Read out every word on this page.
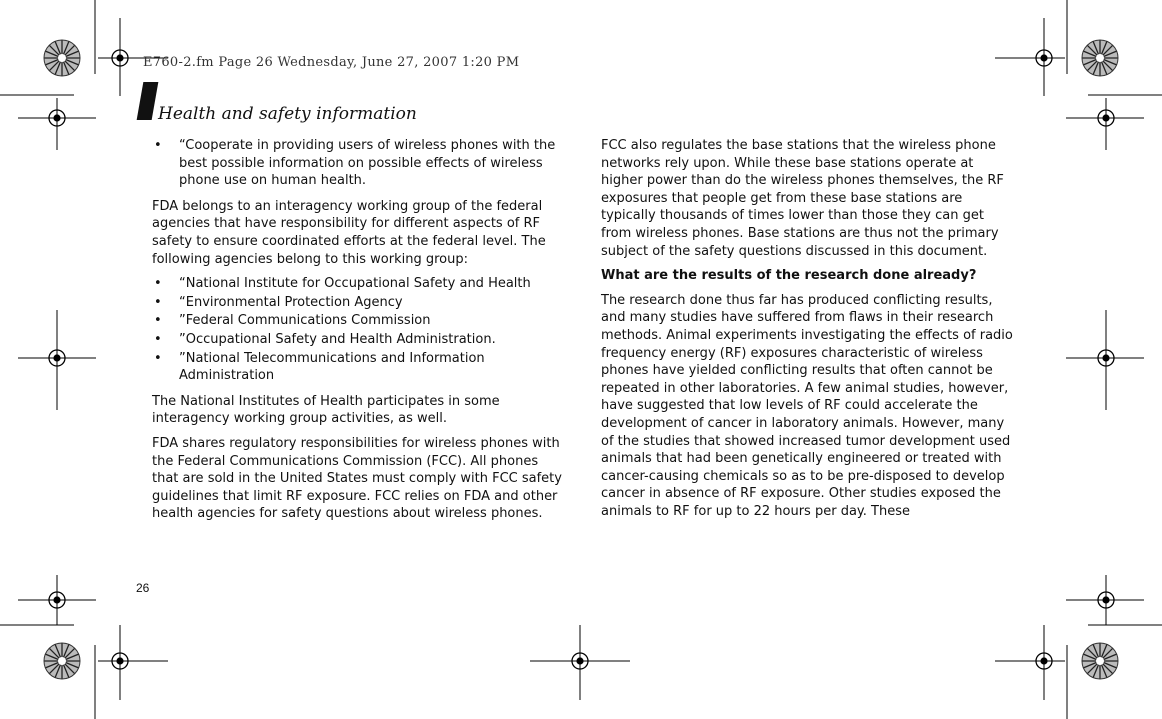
E760-2.fm Page 26 Wednesday, June 27, 2007 1:20 PM
Health and safety information
• “Cooperate in providing users of wireless phones with the best possible information on possible effects of wireless phone use on human health.

FDA belongs to an interagency working group of the federal agencies that have responsibility for different aspects of RF safety to ensure coordinated efforts at the federal level. The following agencies belong to this working group:

• “National Institute for Occupational Safety and Health
• “Environmental Protection Agency
• ”Federal Communications Commission
• ”Occupational Safety and Health Administration.
• ”National Telecommunications and Information Administration

The National Institutes of Health participates in some interagency working group activities, as well.

FDA shares regulatory responsibilities for wireless phones with the Federal Communications Commission (FCC). All phones that are sold in the United States must comply with FCC safety guidelines that limit RF exposure. FCC relies on FDA and other health agencies for safety questions about wireless phones.

FCC also regulates the base stations that the wireless phone networks rely upon. While these base stations operate at higher power than do the wireless phones themselves, the RF exposures that people get from these base stations are typically thousands of times lower than those they can get from wireless phones. Base stations are thus not the primary subject of the safety questions discussed in this document.

What are the results of the research done already?

The research done thus far has produced conflicting results, and many studies have suffered from flaws in their research methods. Animal experiments investigating the effects of radio frequency energy (RF) exposures characteristic of wireless phones have yielded conflicting results that often cannot be repeated in other laboratories. A few animal studies, however, have suggested that low levels of RF could accelerate the development of cancer in laboratory animals. However, many of the studies that showed increased tumor development used animals that had been genetically engineered or treated with cancer-causing chemicals so as to be pre-disposed to develop cancer in absence of RF exposure. Other studies exposed the animals to RF for up to 22 hours per day. These

26
